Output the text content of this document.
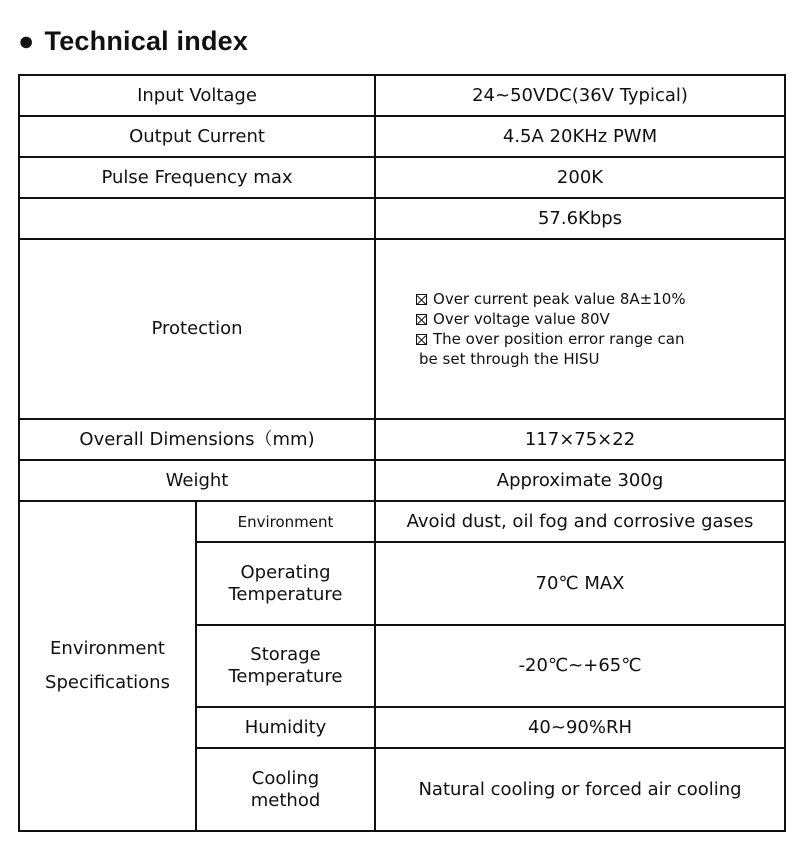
● Technical index
Input Voltage		24~50VDC(36V Typical)
Output Current		4.5A 20KHz PWM
Pulse Frequency max		200K
		57.6Kbps
Protection		Over current peak value 8A±10%
Over voltage value 80V
The over position error range can
be set through the HISU

Overall Dimensions（mm)		117×75×22
Weight		Approximate 300g

Environment
Specifications	Environment	Avoid dust, oil fog and corrosive gases

	Operating
Temperature	70℃ MAX

	Storage
Temperature	-20℃~+65℃
	Humidity	40~90%RH

	Cooling
method	Natural cooling or forced air cooling
